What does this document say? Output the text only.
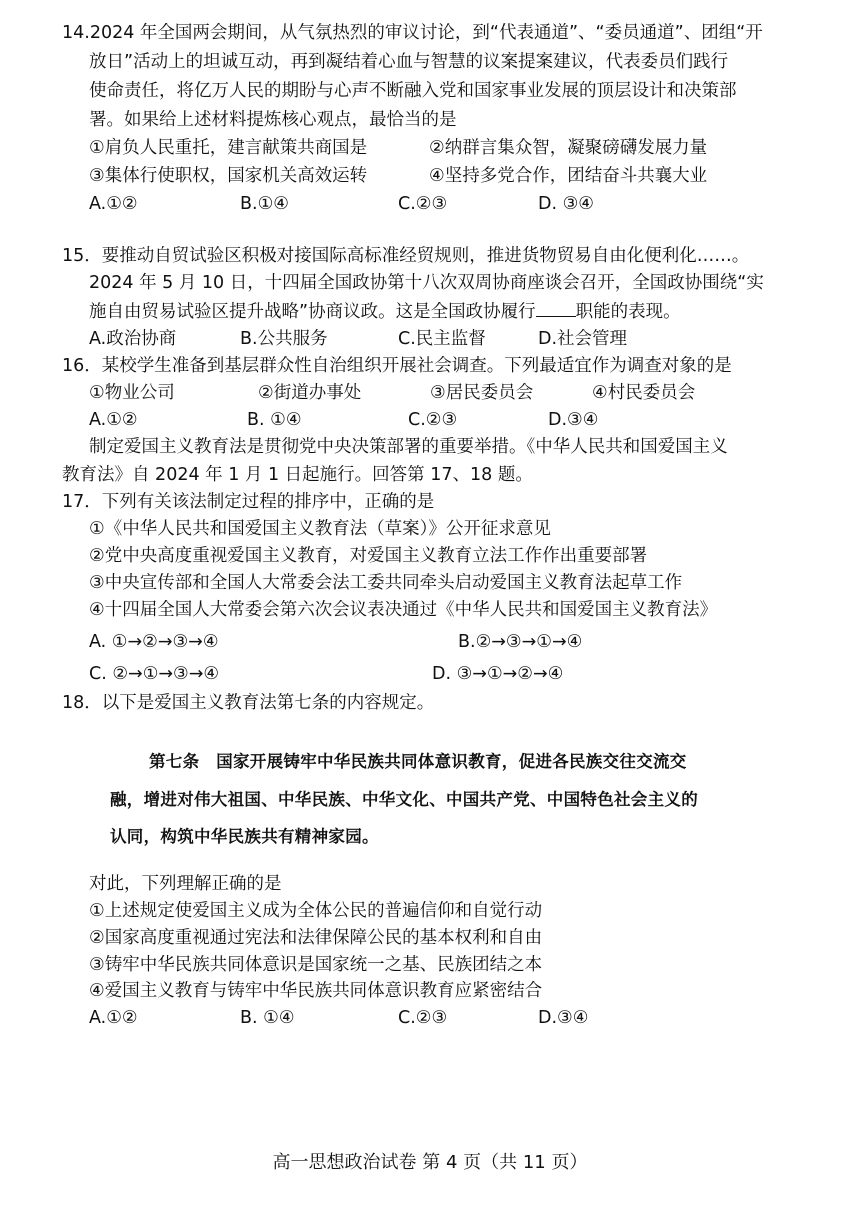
14.2024 年全国两会期间，从气氛热烈的审议讨论，到“代表通道”、“委员通道”、团组“开
放日”活动上的坦诚互动，再到凝结着心血与智慧的议案提案建议，代表委员们践行
使命责任，将亿万人民的期盼与心声不断融入党和国家事业发展的顶层设计和决策部
署。如果给上述材料提炼核心观点，最恰当的是
①肩负人民重托，建言献策共商国是	②纳群言集众智，凝聚磅礴发展力量
③集体行使职权，国家机关高效运转	④坚持多党合作，团结奋斗共襄大业
A.①②	B.①④	C.②③	D. ③④
15．要推动自贸试验区积极对接国际高标准经贸规则，推进货物贸易自由化便利化……。
2024 年 5 月 10 日，十四届全国政协第十八次双周协商座谈会召开，全国政协围绕“实
施自由贸易试验区提升战略”协商议政。这是全国政协履行 职能的表现。
A.政治协商	B.公共服务	C.民主监督	D.社会管理
16．某校学生准备到基层群众性自治组织开展社会调查。下列最适宜作为调查对象的是
①物业公司	②街道办事处	③居民委员会	④村民委员会
A.①②	B. ①④	C.②③	D.③④
制定爱国主义教育法是贯彻党中央决策部署的重要举措。《中华人民共和国爱国主义
教育法》自 2024 年 1 月 1 日起施行。回答第 17、18 题。
17．下列有关该法制定过程的排序中，正确的是
①《中华人民共和国爱国主义教育法（草案）》公开征求意见
②党中央高度重视爱国主义教育，对爱国主义教育立法工作作出重要部署
③中央宣传部和全国人大常委会法工委共同牵头启动爱国主义教育法起草工作
④十四届全国人大常委会第六次会议表决通过《中华人民共和国爱国主义教育法》
A. ①→②→③→④	B.②→③→①→④
C. ②→①→③→④	D. ③→①→②→④
18．以下是爱国主义教育法第七条的内容规定。
第七条　国家开展铸牢中华民族共同体意识教育，促进各民族交往交流交
融，增进对伟大祖国、中华民族、中华文化、中国共产党、中国特色社会主义的
认同，构筑中华民族共有精神家园。
对此，下列理解正确的是
①上述规定使爱国主义成为全体公民的普遍信仰和自觉行动
②国家高度重视通过宪法和法律保障公民的基本权利和自由
③铸牢中华民族共同体意识是国家统一之基、民族团结之本
④爱国主义教育与铸牢中华民族共同体意识教育应紧密结合
A.①②	B. ①④	C.②③	D.③④
高一思想政治试卷 第 4 页（共 11 页）
